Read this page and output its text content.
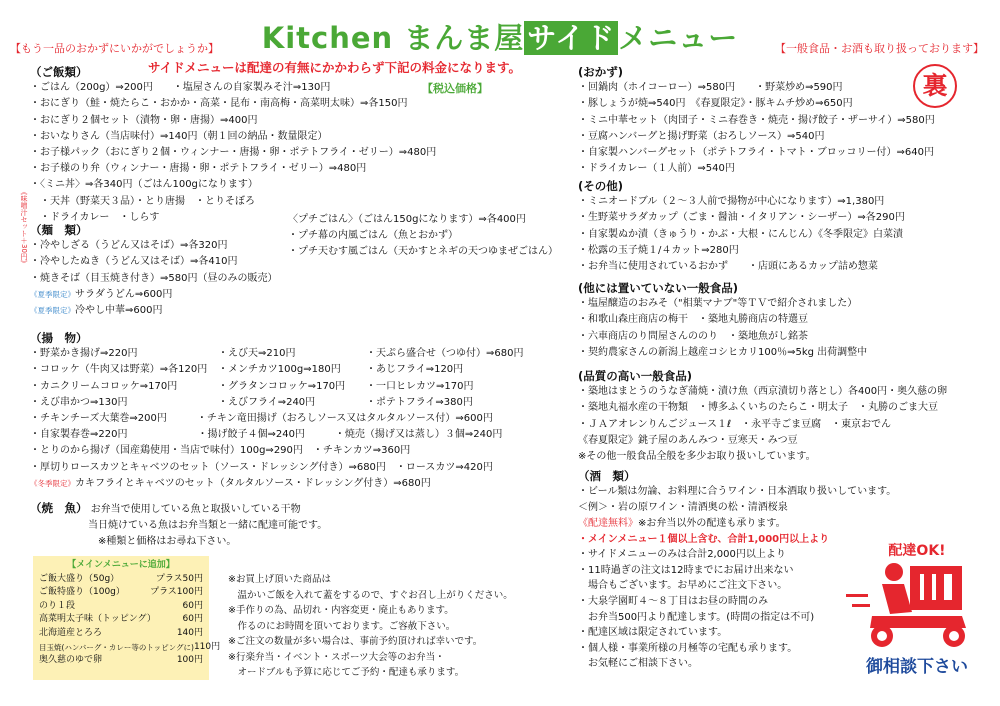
Kitchen まんま屋 サイド メニュー
【もう一品のおかずにいかがでしょうか】	【一般食品・お酒も取り扱っております】
サイドメニューは配達の有無にかかわらず下記の料金になります。
【税込価格】	裏
（ご飯類）
・ごはん（200g）⇒200円　　・塩屋さんの自家製みそ汁⇒130円
・おにぎり（鮭・焼たらこ・おかか・高菜・昆布・南高梅・高菜明太味）⇒各150円
・おにぎり２個セット（漬物・卵・唐揚）⇒400円
・おいなりさん（当店味付）⇒140円（朝１回の納品・数量限定）
・お子様パック（おにぎり２個・ウィンナー・唐揚・卵・ポテトフライ・ゼリー）⇒480円
・お子様のり弁（ウィンナー・唐揚・卵・ポテトフライ・ゼリー）⇒480円
・〈ミニ丼〉⇒各340円（ごはん100gになります）
　・天丼（野菜天３品）・とり唐揚　・とりそぼろ
　・ドライカレー　・しらす
《味噌汁セット＋30円》	〈プチごはん〉（ごはん150gになります）⇒各400円
・プチ幕の内風ごはん（魚とおかず）
・プチ天むす風ごはん（天かすとネギの天つゆまぜごはん）
（麺　類）
・冷やしざる（うどん又はそば）⇒各320円
・冷やしたぬき（うどん又はそば）⇒各410円
・焼きそば（目玉焼き付き）⇒580円（昼のみの販売）
《夏季限定》サラダうどん⇒600円
《夏季限定》冷やし中華⇒600円
（揚　物）
・野菜かき揚げ⇒220円	・えび天⇒210円	・天ぷら盛合せ（つゆ付）⇒680円
・コロッケ（牛肉又は野菜）⇒各120円	・メンチカツ100g⇒180円	・あじフライ⇒120円
・カニクリームコロッケ⇒170円	・グラタンコロッケ⇒170円	・一口ヒレカツ⇒170円
・えび串かつ⇒130円	・えびフライ⇒240円	・ポテトフライ⇒380円
・チキンチーズ大葉巻⇒200円　　　・チキン竜田揚げ（おろしソース又はタルタルソース付）⇒600円
・自家製春巻⇒220円　　　　　　　・揚げ餃子４個⇒240円　　　・焼売（揚げ又は蒸し）３個⇒240円
・とりのから揚げ（国産鶏使用・当店で味付）100g⇒290円　・チキンカツ⇒360円
・厚切りロースカツとキャベツのセット（ソース・ドレッシング付き）⇒680円　・ロースカツ⇒420円
《冬季限定》カキフライとキャベツのセット（タルタルソース・ドレッシング付き）⇒680円
（焼　魚） お弁当で使用している魚と取扱いしている干物
当日焼けている魚はお弁当類と一緒に配達可能です。
※種類と価格はお尋ね下さい。
【メインメニューに追加】
ご飯大盛り（50g）	プラス50円
ご飯特盛り（100g）	プラス100円
のり１段	60円
高菜明太子味（トッピング）	60円
北海道産とろろ	140円
目玉焼(ハンバーグ・カレー等のトッピングに) 110円
奥久慈のゆで卵	100円
※お買上げ頂いた商品は
　温かいご飯を入れて蓋をするので、すぐお召し上がりください。
※手作りの為、品切れ・内容変更・廃止もあります。
　作るのにお時間を頂いております。ご容赦下さい。
※ご注文の数量が多い場合は、事前予約頂ければ幸いです。
※行楽弁当・イベント・スポーツ大会等のお弁当・
　オードブルも予算に応じてご予約・配達も承ります。
(おかず)
・回鍋肉（ホイコーロー）⇒580円　　・野菜炒め⇒590円
・豚しょうが焼⇒540円　《春夏限定》・豚キムチ炒め⇒650円
・ミニ中華セット（肉団子・ミニ春巻き・焼売・揚げ餃子・ザーサイ）⇒580円
・豆腐ハンバーグと揚げ野菜（おろしソース）⇒540円
・自家製ハンバーグセット（ポテトフライ・トマト・ブロッコリー付）⇒640円
・ドライカレー（１人前）⇒540円
(その他)
・ミニオードブル（２～３人前で揚物が中心になります）⇒1,380円
・生野菜サラダカップ（ごま・醤油・イタリアン・シーザー）⇒各290円
・自家製ぬか漬（きゅうり・かぶ・大根・にんじん）《冬季限定》白菜漬
・松露の玉子焼１/４カット⇒280円
・お弁当に使用されているおかず　　・店頭にあるカップ詰め惣菜
(他には置いていない一般食品)
・塩屋醸造のおみそ（"相葉マナブ"等ＴＶで紹介されました）
・和歌山森庄商店の梅干　・築地丸勝商店の特選豆
・六車商店のり問屋さんののり　・築地魚がし銘茶
・契約農家さんの新潟上越産コシヒカリ100％⇒5kg 出荷調整中
(品質の高い一般食品)
・築地はまとうのうなぎ蒲焼・漬け魚（西京漬切り落とし）各400円・奥久慈の卵
・築地丸福水産の干物類　・博多ふくいちのたらこ・明太子　・丸勝のごま大豆
・ＪＡアオレンりんごジュース１ℓ　・永平寺ごま豆腐　・東京おでん
《春夏限定》銚子屋のあんみつ・豆寒天・みつ豆
※その他一般食品全般を多少お取り扱いしています。
（酒　類）
・ビール類は勿論、お料理に合うワイン・日本酒取り扱いしています。
＜例＞・岩の原ワイン・清酒奥の松・清酒桜泉
《配達無料》※お弁当以外の配達も承ります。
・メインメニュー１個以上含む、合計1,000円以上より
・サイドメニューのみは合計2,000円以上より
・11時過ぎの注文は12時までにお届け出来ない
　場合もございます。お早めにご注文下さい。
・大泉学園町４～８丁目はお昼の時間のみ
　お弁当500円より配達します。(時間の指定は不可)
・配達区域は限定されています。
・個人様・事業所様の月極等の宅配も承ります。
　お気軽にご相談下さい。
配達OK!
御相談下さい
